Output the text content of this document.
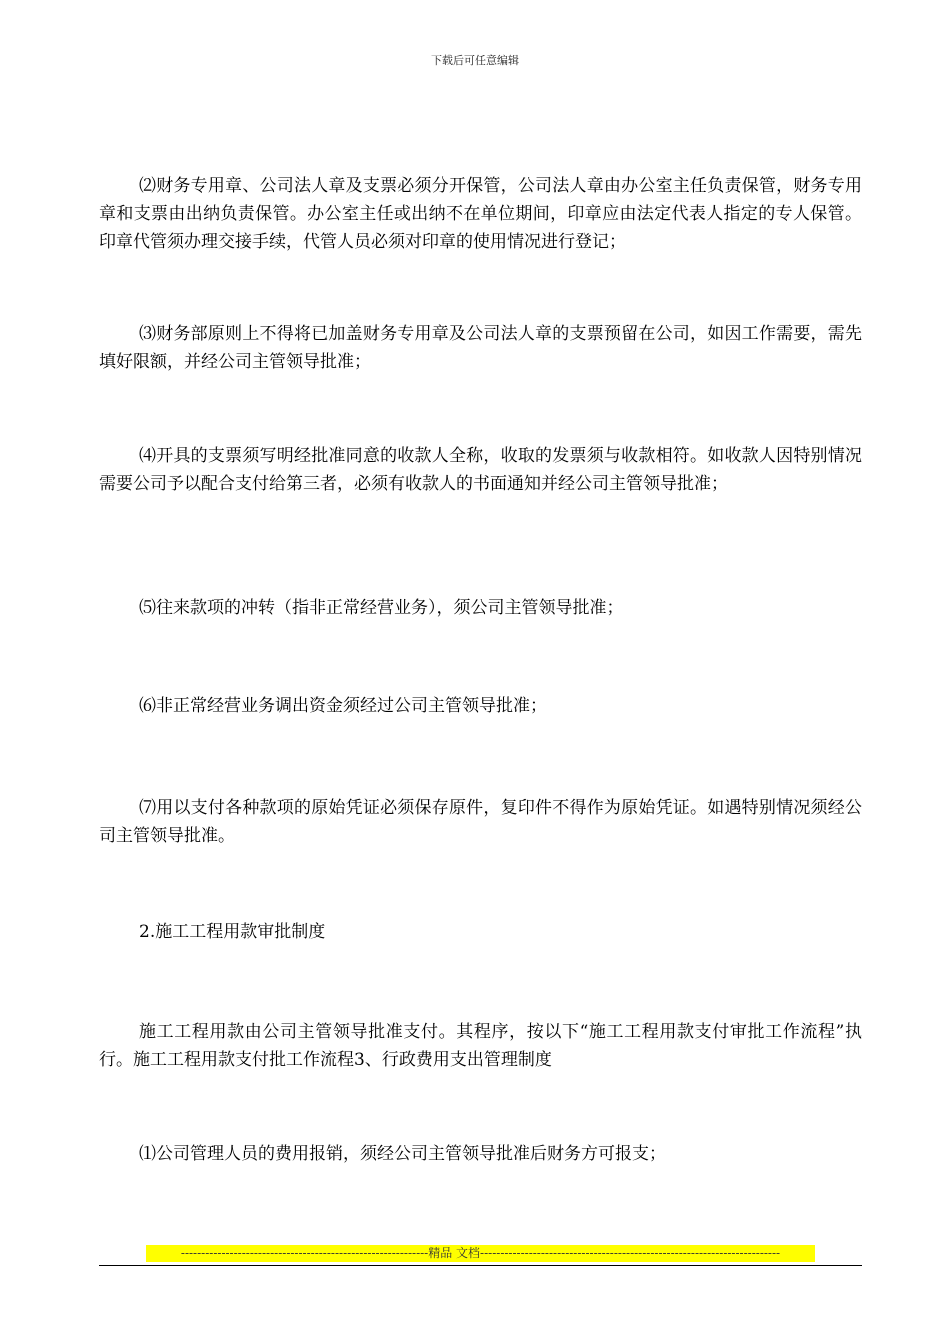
下载后可任意编辑

⑵财务专用章、公司法人章及支票必须分开保管，公司法人章由办公室主任负责保管，财务专用章和支票由出纳负责保管。办公室主任或出纳不在单位期间，印章应由法定代表人指定的专人保管。印章代管须办理交接手续，代管人员必须对印章的使用情况进行登记；

⑶财务部原则上不得将已加盖财务专用章及公司法人章的支票预留在公司，如因工作需要，需先填好限额，并经公司主管领导批准；

⑷开具的支票须写明经批准同意的收款人全称，收取的发票须与收款相符。如收款人因特别情况需要公司予以配合支付给第三者，必须有收款人的书面通知并经公司主管领导批准；

⑸往来款项的冲转（指非正常经营业务），须公司主管领导批准；

⑹非正常经营业务调出资金须经过公司主管领导批准；

⑺用以支付各种款项的原始凭证必须保存原件，复印件不得作为原始凭证。如遇特别情况须经公司主管领导批准。

2.施工工程用款审批制度

施工工程用款由公司主管领导批准支付。其程序，按以下“施工工程用款支付审批工作流程”执行。施工工程用款支付批工作流程3、行政费用支出管理制度

⑴公司管理人员的费用报销，须经公司主管领导批准后财务方可报支；

-------------------------------------------------------------精品 文档--------------------------------------------------------------------------
